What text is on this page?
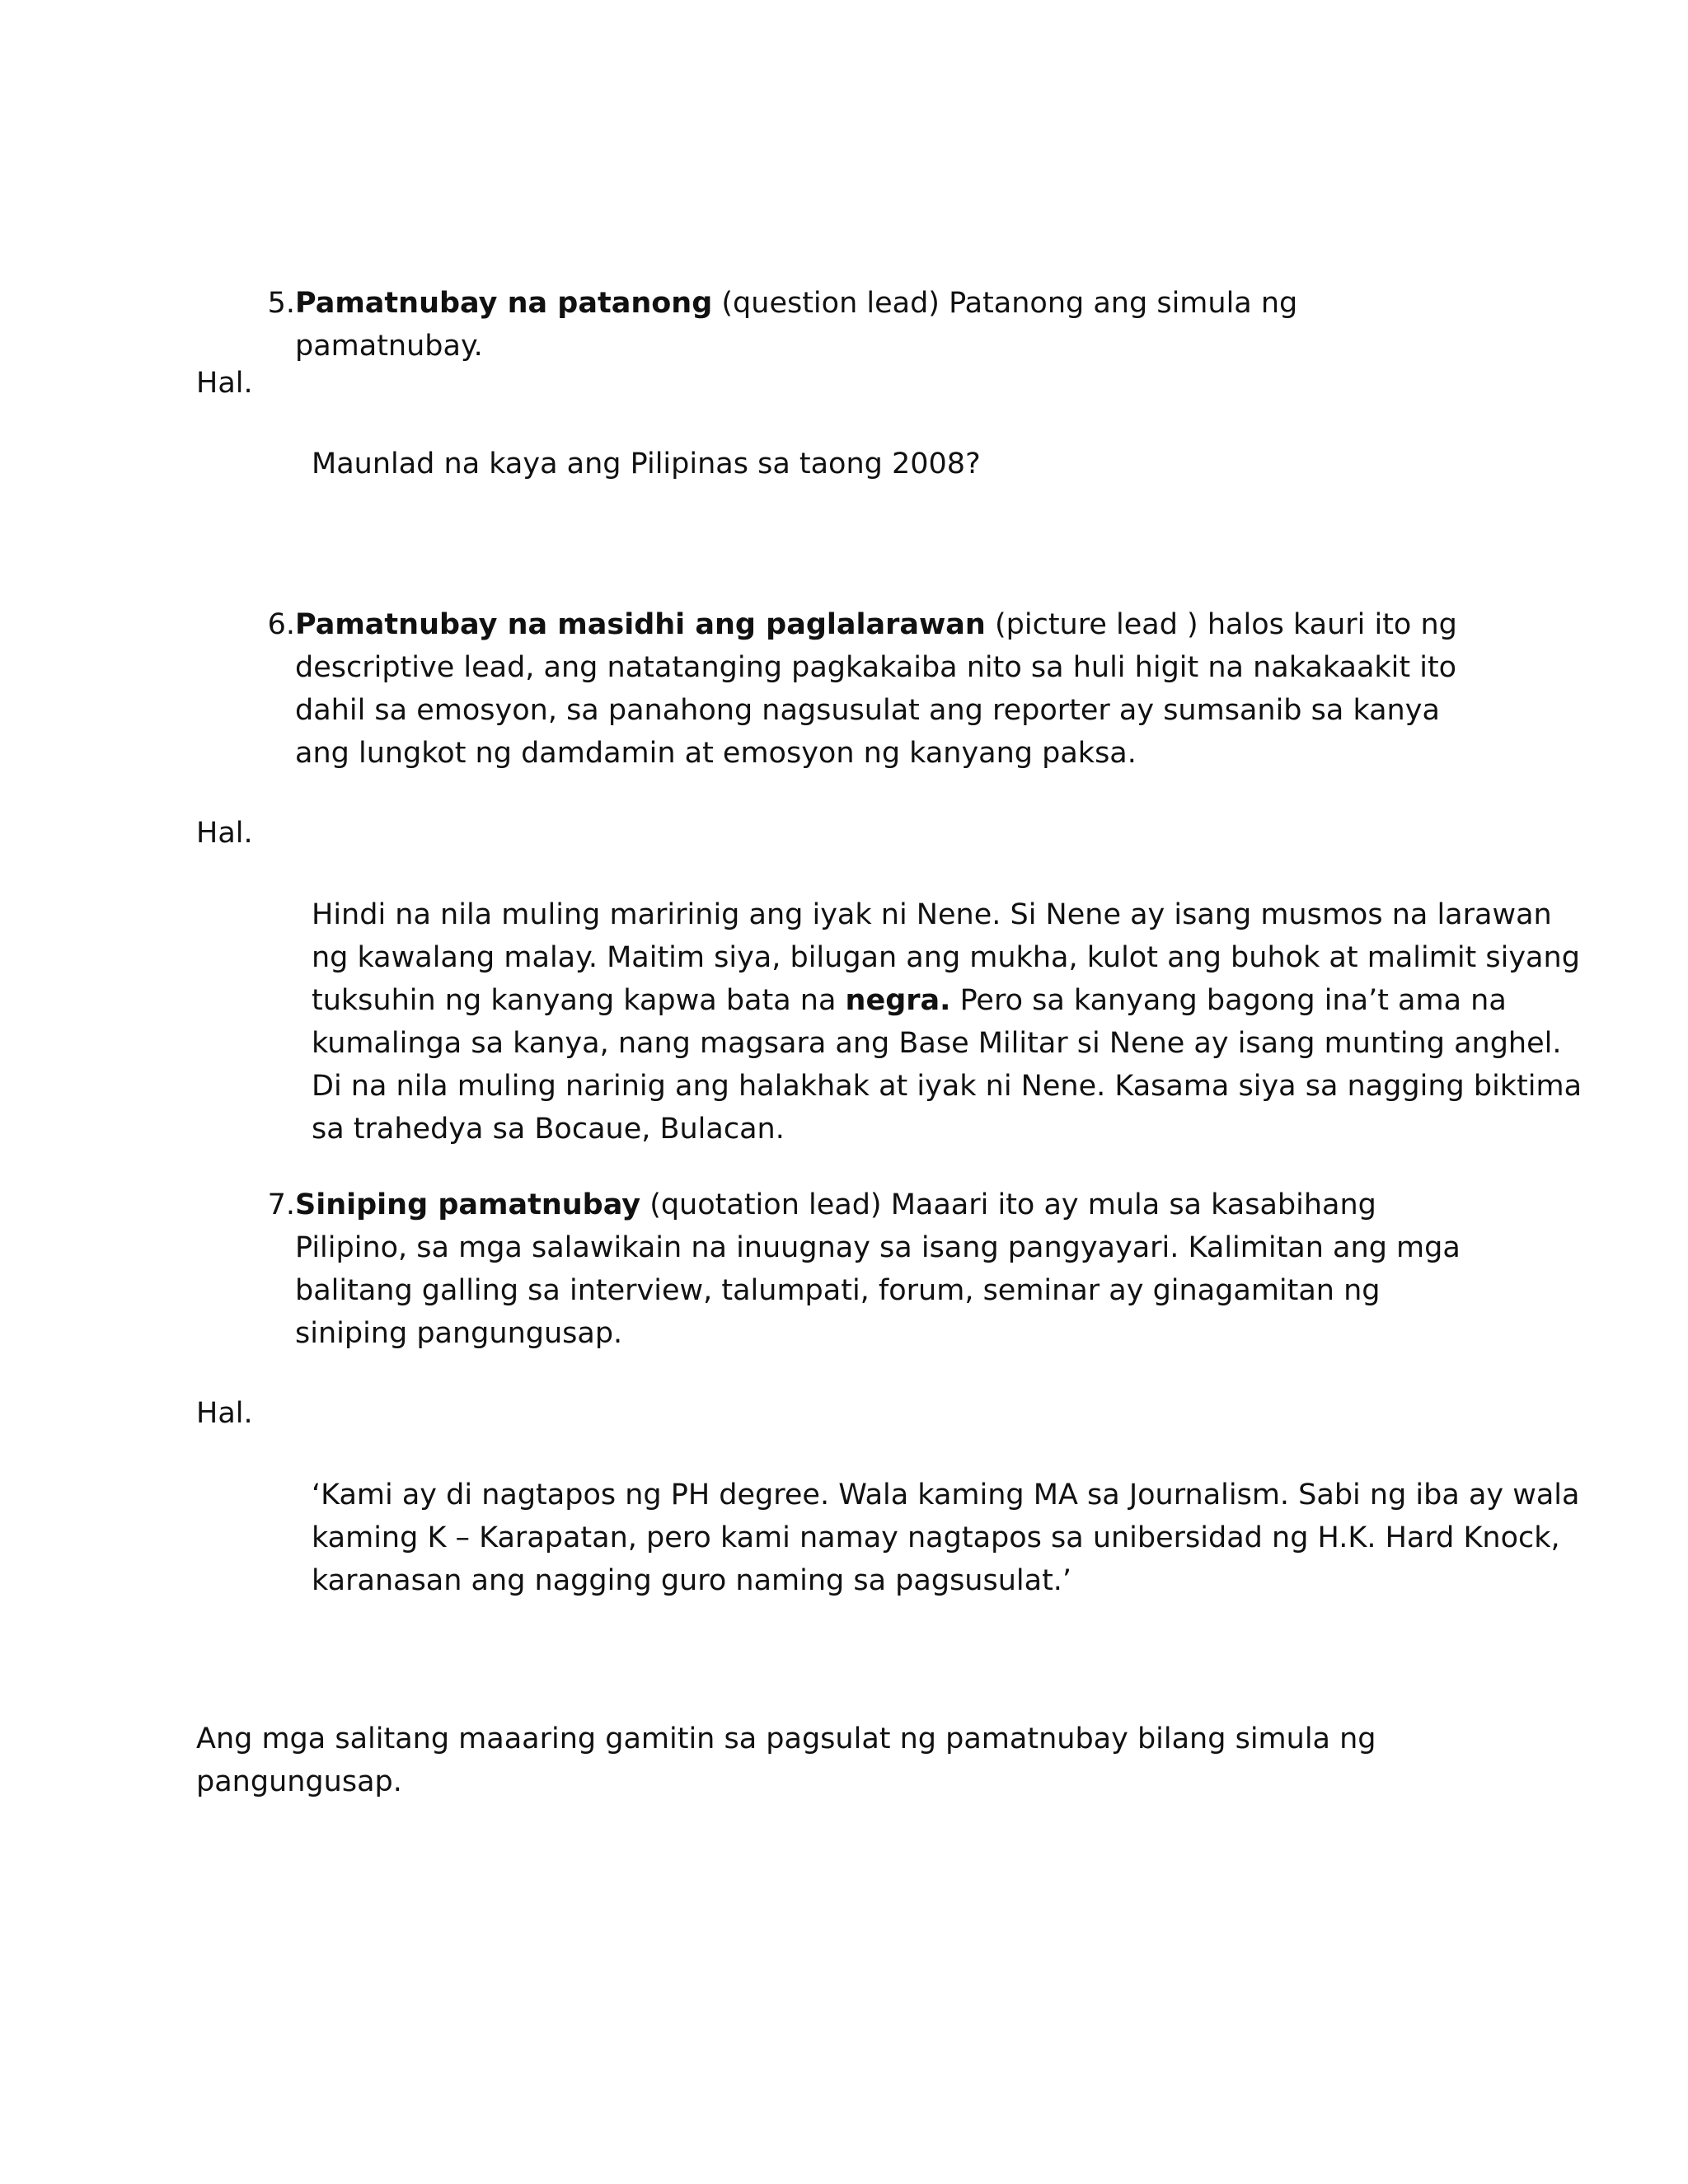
5. Pamatnubay na patanong (question lead) Patanong ang simula ng pamatnubay.
Hal.
Maunlad na kaya ang Pilipinas sa taong 2008?
6. Pamatnubay na masidhi ang paglalarawan (picture lead ) halos kauri ito ng descriptive lead, ang natatanging pagkakaiba nito sa huli higit na nakakaakit ito dahil sa emosyon, sa panahong nagsusulat ang reporter ay sumsanib sa kanya ang lungkot ng damdamin at emosyon ng kanyang paksa.
Hal.
Hindi na nila muling maririnig ang iyak ni Nene. Si Nene ay isang musmos na larawan ng kawalang malay. Maitim siya, bilugan ang mukha, kulot ang buhok at malimit siyang tuksuhin ng kanyang kapwa bata na negra. Pero sa kanyang bagong ina’t ama na kumalinga sa kanya, nang magsara ang Base Militar si Nene ay isang munting anghel. Di na nila muling narinig ang halakhak at iyak ni Nene. Kasama siya sa nagging biktima sa trahedya sa Bocaue, Bulacan.
7. Siniping pamatnubay (quotation lead) Maaari ito ay mula sa kasabihang Pilipino, sa mga salawikain na inuugnay sa isang pangyayari. Kalimitan ang mga balitang galling sa interview, talumpati, forum, seminar ay ginagamitan ng siniping pangungusap.
Hal.
‘Kami ay di nagtapos ng PH degree. Wala kaming MA sa Journalism. Sabi ng iba ay wala kaming K – Karapatan, pero kami namay nagtapos sa unibersidad ng H.K. Hard Knock, karanasan ang nagging guro naming sa pagsusulat.’
Ang mga salitang maaaring gamitin sa pagsulat ng pamatnubay bilang simula ng pangungusap.
